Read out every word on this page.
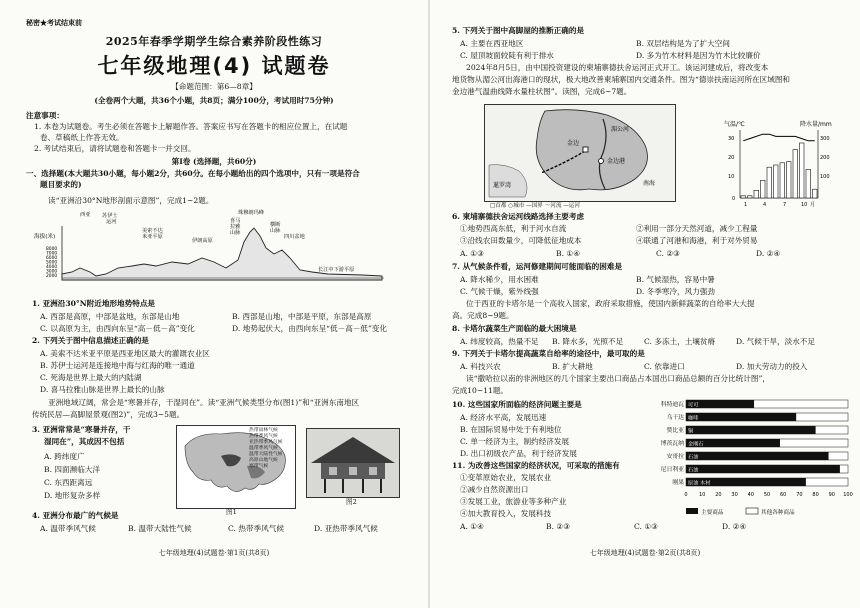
秘密★考试结束前
2025年春季学期学生综合素养阶段性练习
七年级地理(4) 试题卷
【命题范围：第6—8章】
(全卷两个大题，共36个小题，共8页；满分100分，考试用时75分钟)
注意事项：
1. 本卷为试题卷。考生必须在答题卡上解题作答。答案应书写在答题卡的相应位置上，在试题
卷、草稿纸上作答无效。
2. 考试结束后，请将试题卷和答题卡一并交回。
第Ⅰ卷 (选择题，共60分)
一、选择题(本大题共30小题，每小题2分，共60分。在每小题给出的四个选项中，只有一项是符合
题目要求的)
读“亚洲沿30°N地形剖面示意图”，完成1~2题。
海拔(米)
8000
7000
6000
5000
4000
3000
2000
西亚 苏伊士
运河
美索不达
米亚平原
伊朗高原
珠穆朗玛峰
喜马
拉雅
山脉
横断
山脉
四川盆地
长江中下游平原
1. 亚洲沿30°N附近地形地势特点是
A. 西部是高原，中部是盆地，东部是山地	B. 西部是山地，中部是平原，东部是高原
C. 以高原为主，由西向东呈“高－低－高”变化	D. 地势起伏大，由西向东呈“低－高－低”变化
2. 下列关于图中信息描述正确的是
A. 美索不达米亚平原是西亚地区最大的灌溉农业区
B. 苏伊士运河是连接地中海与红海的唯一通道
C. 死海是世界上最大的内陆湖
D. 喜马拉雅山脉是世界上最长的山脉
亚洲地域辽阔，常会是“寒暑并存，干湿同在”。读“亚洲气候类型分布(图1)”和“亚洲东南地区
传统民居—高脚屋景观(图2)”，完成3~5题。
3. 亚洲常常是“寒暑并存，干
湿同在”，其成因不包括
A. 跨纬度广
B. 四面濒临大洋
C. 东西距离远
D. 地形复杂多样
热带雨林气候
热带季风气候
亚热带季风气候
温带季风气候
温带大陆性气候
高原山地气候
寒带气候
图1
图2
4. 亚洲分布最广的气候是
A. 温带季风气候	B. 温带大陆性气候	C. 热带季风气候	D. 亚热带季风气候
七年级地理(4)试题卷·第1页(共8页)
5. 下列关于图中高脚屋的推断正确的是
A. 主要在西亚地区	B. 双层结构是为了扩大空间
C. 屋顶坡面较陡有利于排水	D. 多为竹木材料是因为竹木比较廉价
2024年8月5日，由中国投资建设的柬埔寨德扶舍运河正式开工。该运河建成后，将改变本
地货物从湄公河出海港口的现状，极大地改善柬埔寨国内交通条件。图为“德崇扶南运河所在区域图和
金边港气温曲线降水量柱状图”。读图，完成6~7题。
金边
金边港
南海
暹罗湾
湄公河
□首都 ○城市 —国界 ～河流 —运河
气温/℃	降水量/mm
30
20
10
0
300
200
100
1	4	7	10 月
6. 柬埔寨德扶舍运河线路选择主要考虑
①地势西高东低，利于河水自流	②利用一部分天然河道，减少工程量
③沿线农田数量少，可降低征地成本	④联通了河港和海港，利于对外贸易
A. ①③	B. ①④	C. ②③	D. ②④
7. 从气候条件看，运河修建期间可能面临的困难是
A. 降水稀少，用水困难	B. 气候湿热，容易中暑
C. 气候干燥，紫外线强	D. 冬季寒冷，风力强劲
位于西亚的卡塔尔是一个高收入国家，政府采取措施，使国内新鲜蔬菜的自给率大大提
高。完成8~9题。
8. 卡塔尔蔬菜生产面临的最大困境是
A. 纬度较高，热量不足 B. 降水多，光照不足	C. 多冻土，土壤贫瘠	D. 气候干旱，淡水不足
9. 下列关于卡塔尔提高蔬菜自给率的途径中，最可取的是
A. 科技兴农	B. 扩大耕地	C. 依靠进口	D. 加大劳动力的投入
读“撒哈拉以南的非洲地区的几个国家主要出口商品占本国出口商品总额的百分比统计图”，
完成10~11题。
10. 这些国家所面临的经济问题主要是
A. 经济水平高，发展迅速
B. 在国际贸易中处于有利地位
C. 单一经济为主，制约经济发展
D. 出口初级农产品，利于经济发展
11. 为改善这些国家的经济状况，可采取的措施有
①变革原始农业，发展农业
②减少自然资源出口
③发展工业，旅游业等多种产业
④加大教育投入，发展科技
A. ①④	B. ②③	C. ①③	D. ②④
科特迪瓦 可可
乌干达 咖啡
赞比亚 铜
博茨瓦纳 金刚石
安哥拉 石油
尼日利亚 石油
刚果 原油 木材
0 10 20 30 40 50 60 70 80 90 100
主要商品	其他各种商品
七年级地理(4)试题卷·第2页(共8页)
